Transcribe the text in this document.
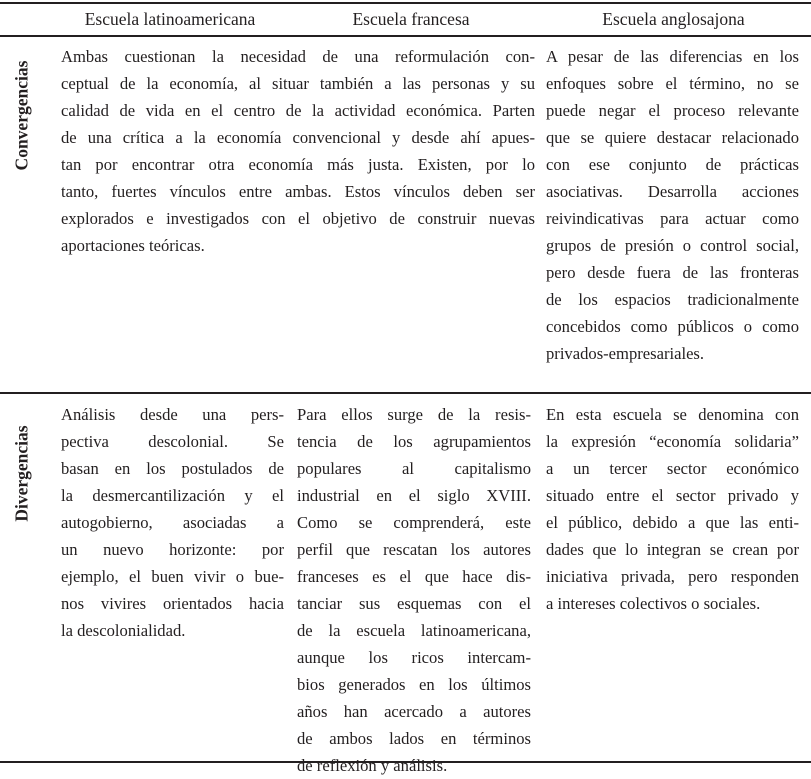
Escuela latinoamericana	Escuela francesa	Escuela anglosajona
Convergencias
Divergencias
Ambas cuestionan la necesidad de una reformulación con-
ceptual de la economía, al situar también a las personas y su
calidad de vida en el centro de la actividad económica. Parten
de una crítica a la economía convencional y desde ahí apues-
tan por encontrar otra economía más justa. Existen, por lo
tanto, fuertes vínculos entre ambas. Estos vínculos deben ser
explorados e investigados con el objetivo de construir nuevas
aportaciones teóricas.
A pesar de las diferencias en los
enfoques sobre el término, no se
puede negar el proceso relevante
que se quiere destacar relacionado
con ese conjunto de prácticas
asociativas. Desarrolla acciones
reivindicativas para actuar como
grupos de presión o control social,
pero desde fuera de las fronteras
de los espacios tradicionalmente
concebidos como públicos o como
privados-empresariales.
Análisis desde una pers-
pectiva descolonial. Se
basan en los postulados de
la desmercantilización y el
autogobierno, asociadas a
un nuevo horizonte: por
ejemplo, el buen vivir o bue-
nos vivires orientados hacia
la descolonialidad.
Para ellos surge de la resis-
tencia de los agrupamientos
populares al capitalismo
industrial en el siglo XVIII.
Como se comprenderá, este
perfil que rescatan los autores
franceses es el que hace dis-
tanciar sus esquemas con el
de la escuela latinoamericana,
aunque los ricos intercam-
bios generados en los últimos
años han acercado a autores
de ambos lados en términos
de reflexión y análisis.
En esta escuela se denomina con
la expresión “economía solidaria”
a un tercer sector económico
situado entre el sector privado y
el público, debido a que las enti-
dades que lo integran se crean por
iniciativa privada, pero responden
a intereses colectivos o sociales.
